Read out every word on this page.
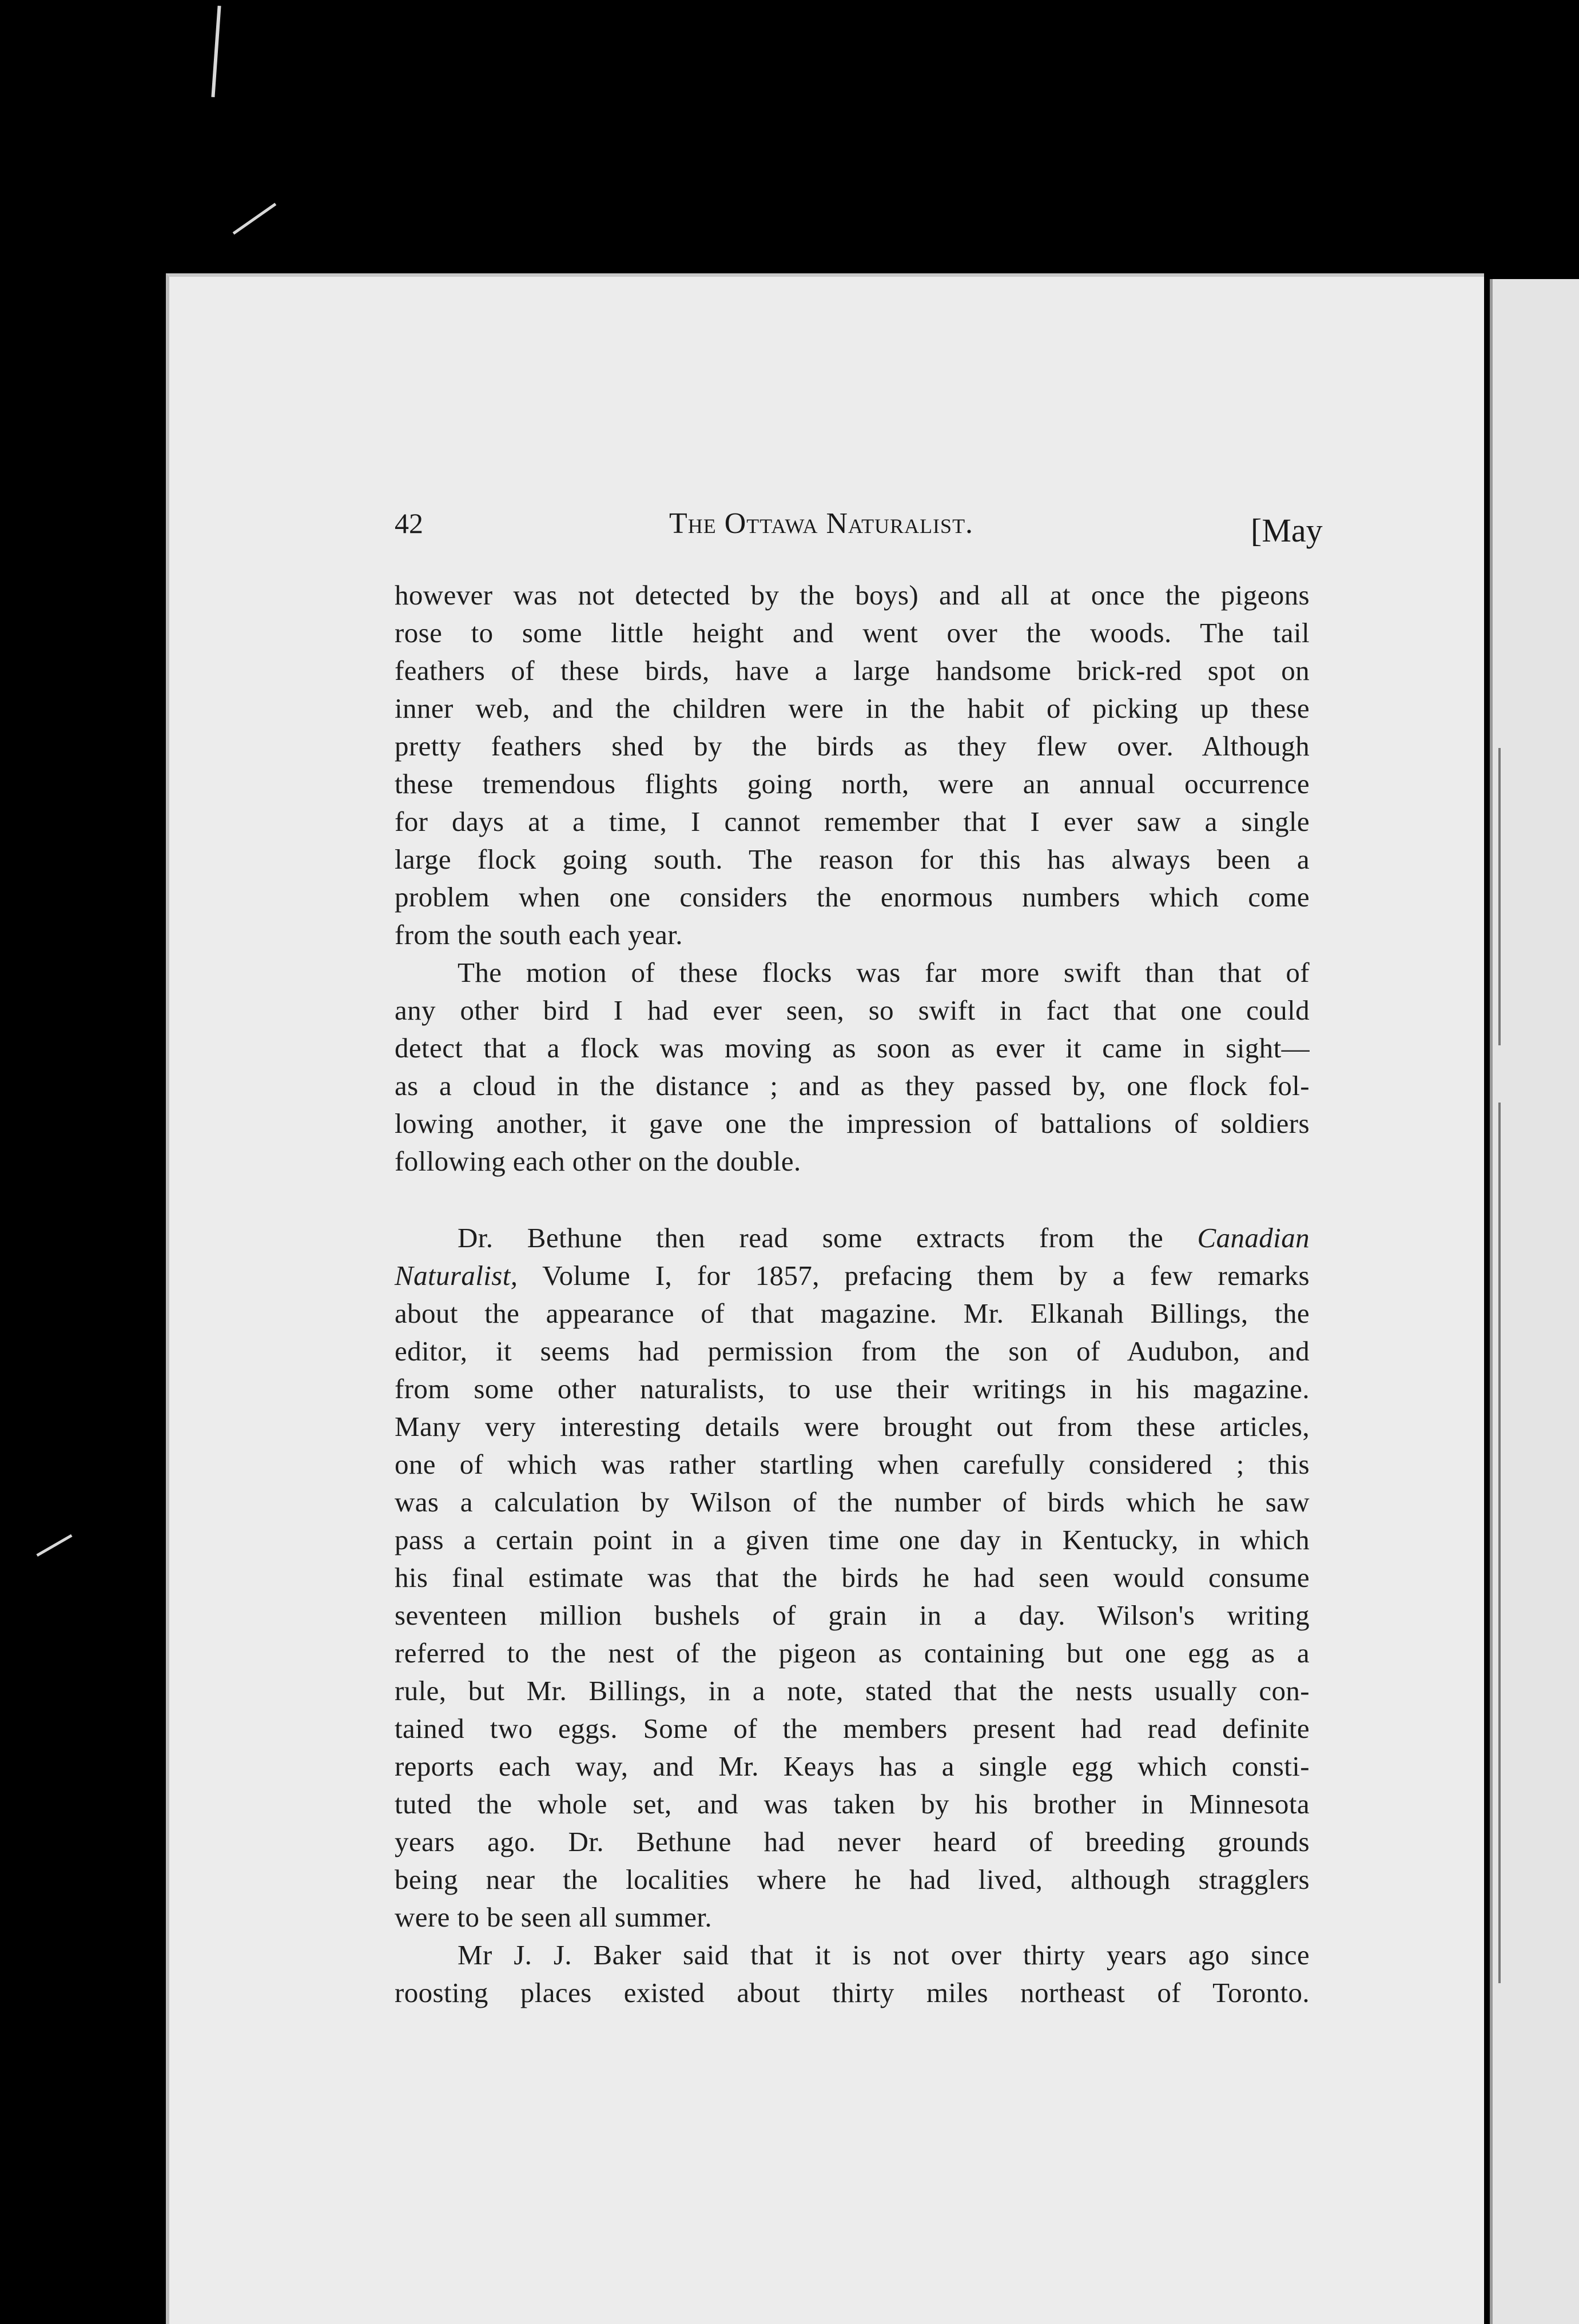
42	The Ottawa Naturalist.	[May

however was not detected by the boys) and all at once the pigeons
rose to some little height and went over the woods. The tail
feathers of these birds, have a large handsome brick-red spot on
inner web, and the children were in the habit of picking up these
pretty feathers shed by the birds as they flew over. Although
these tremendous flights going north, were an annual occurrence
for days at a time, I cannot remember that I ever saw a single
large flock going south. The reason for this has always been a
problem when one considers the enormous numbers which come
from the south each year.

The motion of these flocks was far more swift than that of
any other bird I had ever seen, so swift in fact that one could
detect that a flock was moving as soon as ever it came in sight—
as a cloud in the distance ; and as they passed by, one flock fol-
lowing another, it gave one the impression of battalions of soldiers
following each other on the double.

Dr. Bethune then read some extracts from the Canadian
Naturalist, Volume I, for 1857, prefacing them by a few remarks
about the appearance of that magazine. Mr. Elkanah Billings, the
editor, it seems had permission from the son of Audubon, and
from some other naturalists, to use their writings in his magazine.
Many very interesting details were brought out from these articles,
one of which was rather startling when carefully considered ; this
was a calculation by Wilson of the number of birds which he saw
pass a certain point in a given time one day in Kentucky, in which
his final estimate was that the birds he had seen would consume
seventeen million bushels of grain in a day. Wilson's writing
referred to the nest of the pigeon as containing but one egg as a
rule, but Mr. Billings, in a note, stated that the nests usually con-
tained two eggs. Some of the members present had read definite
reports each way, and Mr. Keays has a single egg which consti-
tuted the whole set, and was taken by his brother in Minnesota
years ago. Dr. Bethune had never heard of breeding grounds
being near the localities where he had lived, although stragglers
were to be seen all summer.

Mr J. J. Baker said that it is not over thirty years ago since
roosting places existed about thirty miles northeast of Toronto.
